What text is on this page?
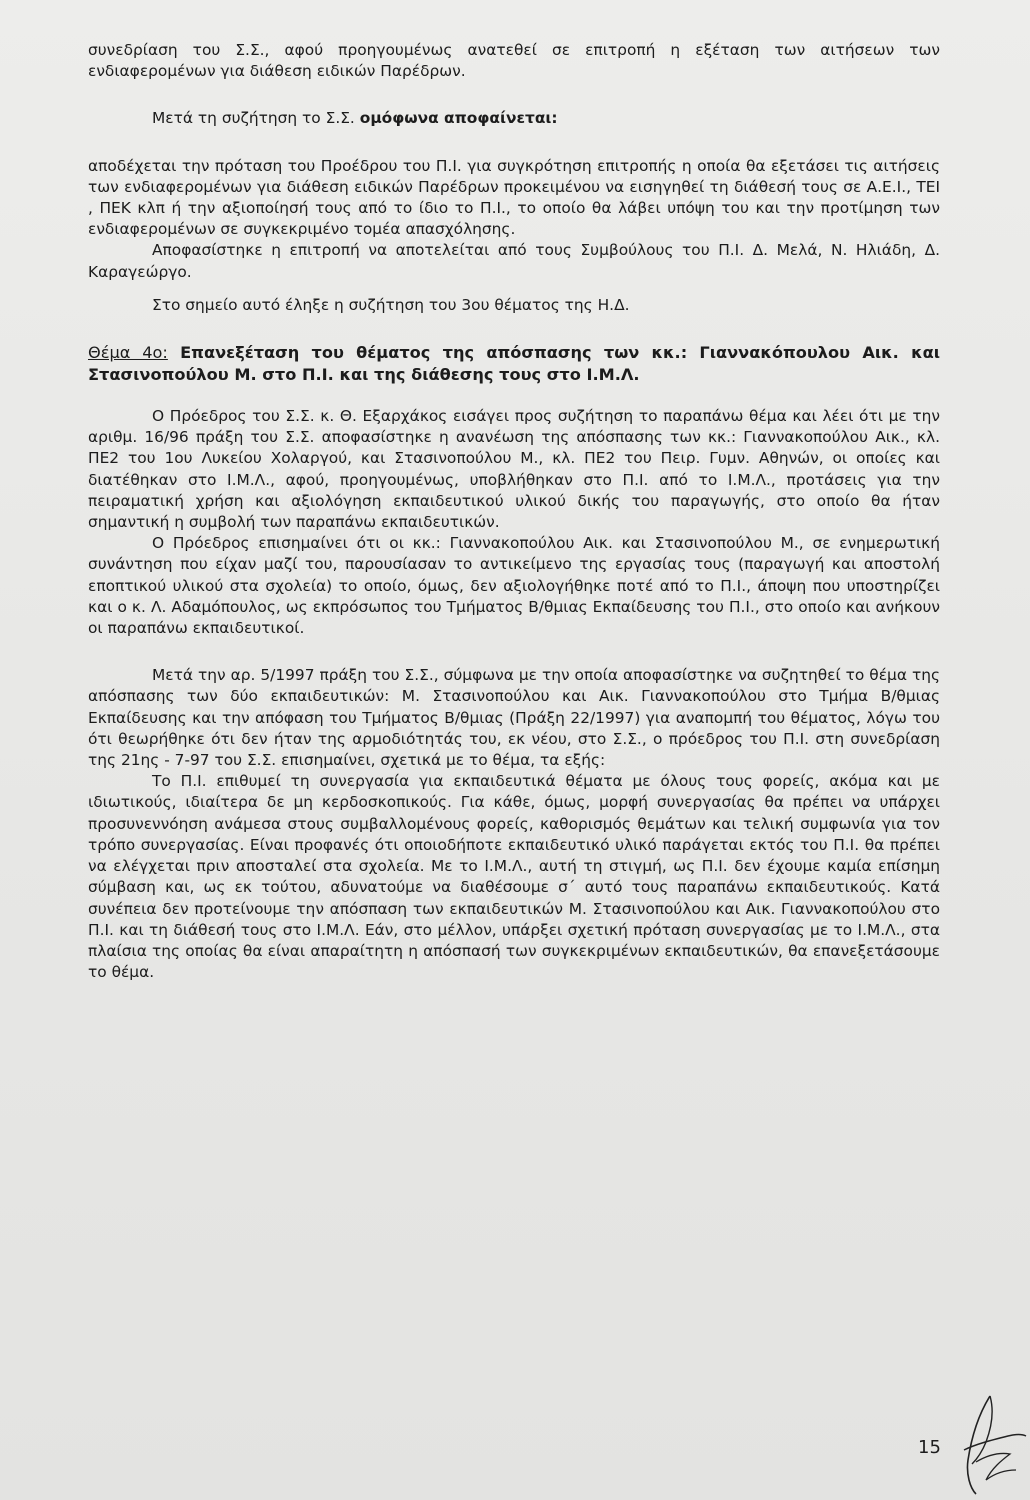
συνεδρίαση του Σ.Σ., αφού προηγουμένως ανατεθεί σε επιτροπή η εξέταση των αιτήσεων των ενδιαφερομένων για διάθεση ειδικών Παρέδρων.

Μετά τη συζήτηση το Σ.Σ. ομόφωνα αποφαίνεται:

αποδέχεται την πρόταση του Προέδρου του Π.Ι. για συγκρότηση επιτροπής η οποία θα εξετάσει τις αιτήσεις των ενδιαφερομένων για διάθεση ειδικών Παρέδρων προκειμένου να εισηγηθεί τη διάθεσή τους σε Α.Ε.Ι., ΤΕΙ , ΠΕΚ κλπ ή την αξιοποίησή τους από το ίδιο το Π.Ι., το οποίο θα λάβει υπόψη του και την προτίμηση των ενδιαφερομένων σε συγκεκριμένο τομέα απασχόλησης.

Αποφασίστηκε η επιτροπή να αποτελείται από τους Συμβούλους του Π.Ι. Δ. Μελά, Ν. Ηλιάδη, Δ. Καραγεώργο.

Στο σημείο αυτό έληξε η συζήτηση του 3ου θέματος της Η.Δ.

Θέμα 4ο: Επανεξέταση του θέματος της απόσπασης των κκ.: Γιαννακόπουλου Αικ. και Στασινοπούλου Μ. στο Π.Ι. και της διάθεσης τους στο Ι.Μ.Λ.

Ο Πρόεδρος του Σ.Σ. κ. Θ. Εξαρχάκος εισάγει προς συζήτηση το παραπάνω θέμα και λέει ότι με την αριθμ. 16/96 πράξη του Σ.Σ. αποφασίστηκε η ανανέωση της απόσπασης των κκ.: Γιαννακοπούλου Αικ., κλ. ΠΕ2 του 1ου Λυκείου Χολαργού, και Στασινοπούλου Μ., κλ. ΠΕ2 του Πειρ. Γυμν. Αθηνών, οι οποίες και διατέθηκαν στο Ι.Μ.Λ., αφού, προηγουμένως, υποβλήθηκαν στο Π.Ι. από το Ι.Μ.Λ., προτάσεις για την πειραματική χρήση και αξιολόγηση εκπαιδευτικού υλικού δικής του παραγωγής, στο οποίο θα ήταν σημαντική η συμβολή των παραπάνω εκπαιδευτικών.

Ο Πρόεδρος επισημαίνει ότι οι κκ.: Γιαννακοπούλου Αικ. και Στασινοπούλου Μ., σε ενημερωτική συνάντηση που είχαν μαζί του, παρουσίασαν το αντικείμενο της εργασίας τους (παραγωγή και αποστολή εποπτικού υλικού στα σχολεία) το οποίο, όμως, δεν αξιολογήθηκε ποτέ από το Π.Ι., άποψη που υποστηρίζει και ο κ. Λ. Αδαμόπουλος, ως εκπρόσωπος του Τμήματος Β/θμιας Εκπαίδευσης του Π.Ι., στο οποίο και ανήκουν οι παραπάνω εκπαιδευτικοί.

Μετά την αρ. 5/1997 πράξη του Σ.Σ., σύμφωνα με την οποία αποφασίστηκε να συζητηθεί το θέμα της απόσπασης των δύο εκπαιδευτικών: Μ. Στασινοπούλου και Αικ. Γιαννακοπούλου στο Τμήμα Β/θμιας Εκπαίδευσης και την απόφαση του Τμήματος Β/θμιας (Πράξη 22/1997) για αναπομπή του θέματος, λόγω του ότι θεωρήθηκε ότι δεν ήταν της αρμοδιότητάς του, εκ νέου, στο Σ.Σ., ο πρόεδρος του Π.Ι. στη συνεδρίαση της 21ης - 7-97 του Σ.Σ. επισημαίνει, σχετικά με το θέμα, τα εξής:

Το Π.Ι. επιθυμεί τη συνεργασία για εκπαιδευτικά θέματα με όλους τους φορείς, ακόμα και με ιδιωτικούς, ιδιαίτερα δε μη κερδοσκοπικούς. Για κάθε, όμως, μορφή συνεργασίας θα πρέπει να υπάρχει προσυνεννόηση ανάμεσα στους συμβαλλομένους φορείς, καθορισμός θεμάτων και τελική συμφωνία για τον τρόπο συνεργασίας. Είναι προφανές ότι οποιοδήποτε εκπαιδευτικό υλικό παράγεται εκτός του Π.Ι. θα πρέπει να ελέγχεται πριν αποσταλεί στα σχολεία. Με το Ι.Μ.Λ., αυτή τη στιγμή, ως Π.Ι. δεν έχουμε καμία επίσημη σύμβαση και, ως εκ τούτου, αδυνατούμε να διαθέσουμε σ΄ αυτό τους παραπάνω εκπαιδευτικούς. Κατά συνέπεια δεν προτείνουμε την απόσπαση των εκπαιδευτικών Μ. Στασινοπούλου και Αικ. Γιαννακοπούλου στο Π.Ι. και τη διάθεσή τους στο Ι.Μ.Λ. Εάν, στο μέλλον, υπάρξει σχετική πρόταση συνεργασίας με το Ι.Μ.Λ., στα πλαίσια της οποίας θα είναι απαραίτητη η απόσπασή των συγκεκριμένων εκπαιδευτικών, θα επανεξετάσουμε το θέμα.

15
